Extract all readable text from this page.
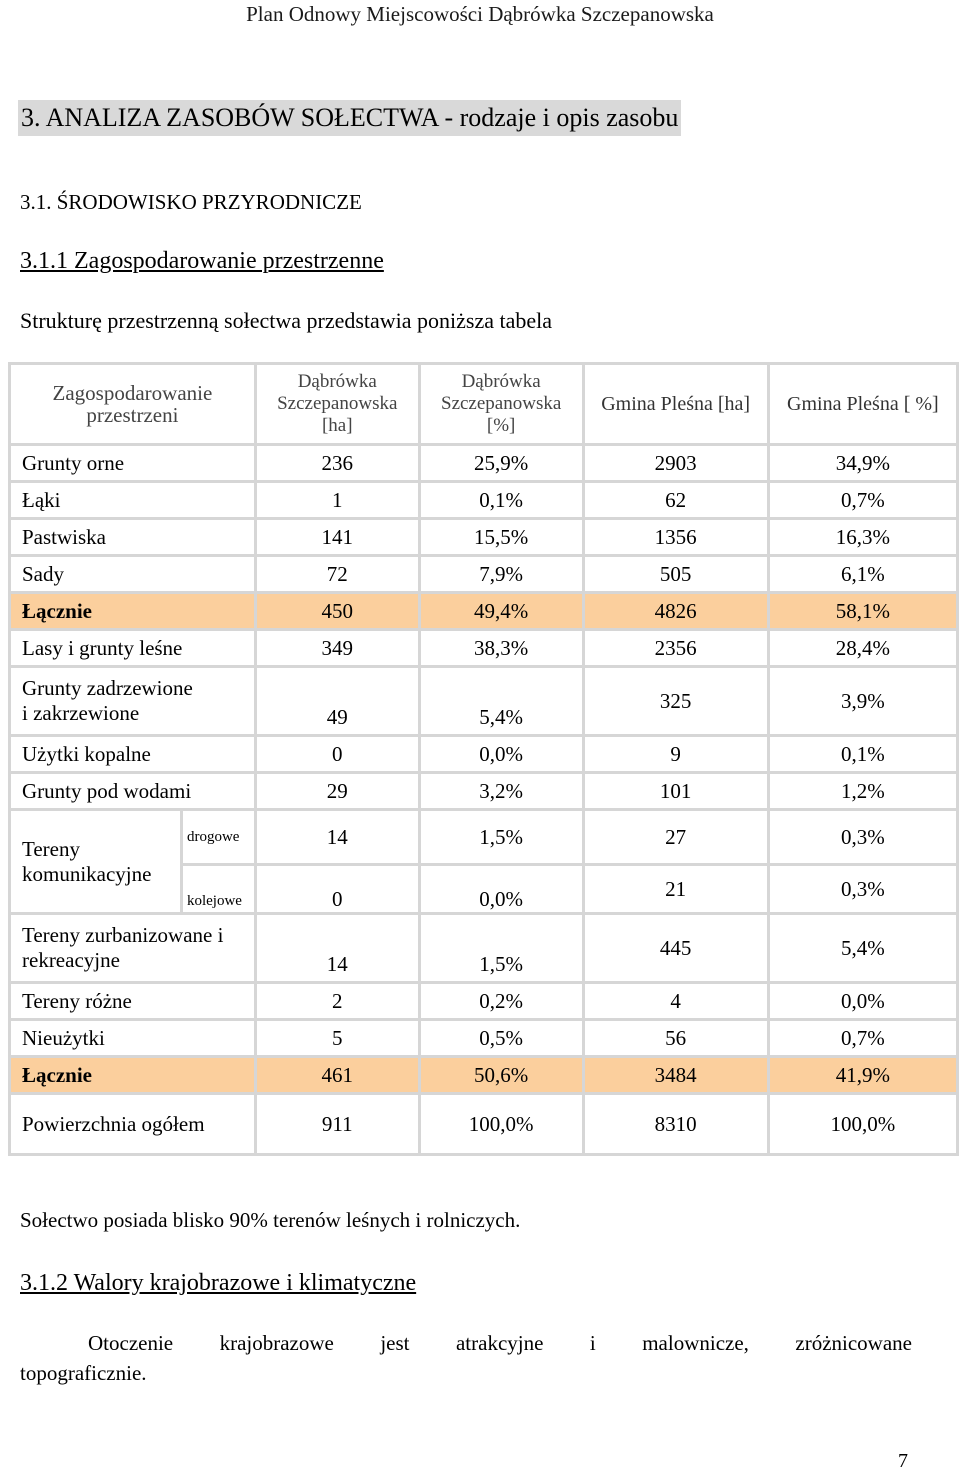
Plan Odnowy Miejscowości Dąbrówka Szczepanowska
3. ANALIZA ZASOBÓW SOŁECTWA - rodzaje i opis zasobu
3.1. ŚRODOWISKO PRZYRODNICZE
3.1.1 Zagospodarowanie przestrzenne
Strukturę przestrzenną sołectwa przedstawia poniższa tabela
Zagospodarowanie przestrzeni		Dąbrówka Szczepanowska [ha]	Dąbrówka Szczepanowska [%]	Gmina Pleśna [ha]	Gmina Pleśna [ %]
Grunty orne		236	25,9%	2903	34,9%
Łąki		1	0,1%	62	0,7%
Pastwiska		141	15,5%	1356	16,3%
Sady		72	7,9%	505	6,1%
Łącznie		450	49,4%	4826	58,1%
Lasy i grunty leśne		349	38,3%	2356	28,4%

Grunty zadrzewione
i zakrzewione		49	5,4%	325	3,9%
Użytki kopalne		0	0,0%	9	0,1%
Grunty pod wodami		29	3,2%	101	1,2%

Tereny
komunikacyjne	drogowe	14	1,5%	27	0,3%
	kolejowe	0	0,0%	21	0,3%

Tereny zurbanizowane i
rekreacyjne		14	1,5%	445	5,4%
Tereny różne		2	0,2%	4	0,0%
Nieużytki		5	0,5%	56	0,7%
Łącznie		461	50,6%	3484	41,9%
Powierzchnia ogółem		911	100,0%	8310	100,0%
Sołectwo posiada blisko 90% terenów leśnych i rolniczych.
3.1.2 Walory krajobrazowe i klimatyczne
Otoczenie krajobrazowe jest atrakcyjne i malownicze, zróżnicowane
topograficznie.
7
